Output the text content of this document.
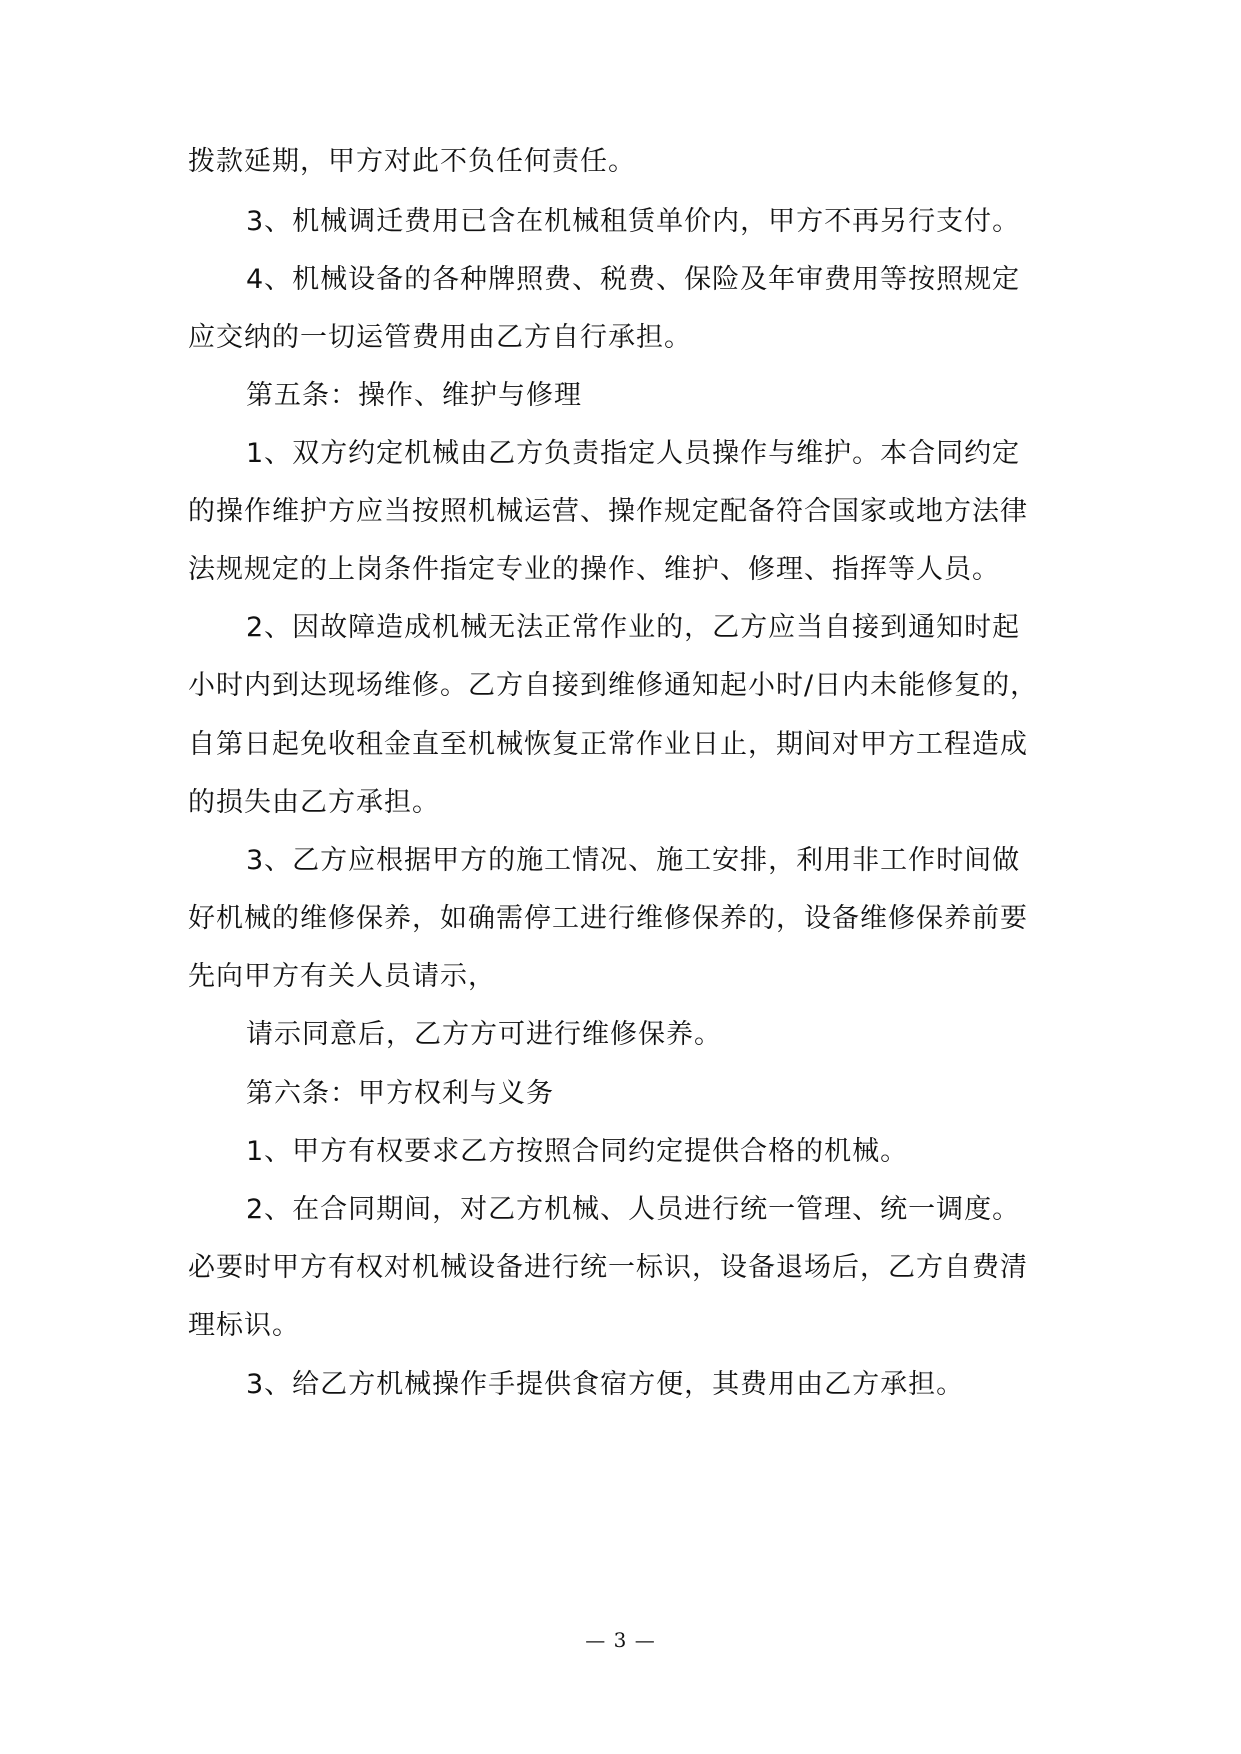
拨款延期，甲方对此不负任何责任。
3、机械调迁费用已含在机械租赁单价内，甲方不再另行支付。
4、机械设备的各种牌照费、税费、保险及年审费用等按照规定
应交纳的一切运管费用由乙方自行承担。
第五条：操作、维护与修理
1、双方约定机械由乙方负责指定人员操作与维护。本合同约定
的操作维护方应当按照机械运营、操作规定配备符合国家或地方法律
法规规定的上岗条件指定专业的操作、维护、修理、指挥等人员。
2、因故障造成机械无法正常作业的，乙方应当自接到通知时起
小时内到达现场维修。乙方自接到维修通知起小时/日内未能修复的，
自第日起免收租金直至机械恢复正常作业日止，期间对甲方工程造成
的损失由乙方承担。
3、乙方应根据甲方的施工情况、施工安排，利用非工作时间做
好机械的维修保养，如确需停工进行维修保养的，设备维修保养前要
先向甲方有关人员请示，
请示同意后，乙方方可进行维修保养。
第六条：甲方权利与义务
1、甲方有权要求乙方按照合同约定提供合格的机械。
2、在合同期间，对乙方机械、人员进行统一管理、统一调度。
必要时甲方有权对机械设备进行统一标识，设备退场后，乙方自费清
理标识。
3、给乙方机械操作手提供食宿方便，其费用由乙方承担。
— 3 —
